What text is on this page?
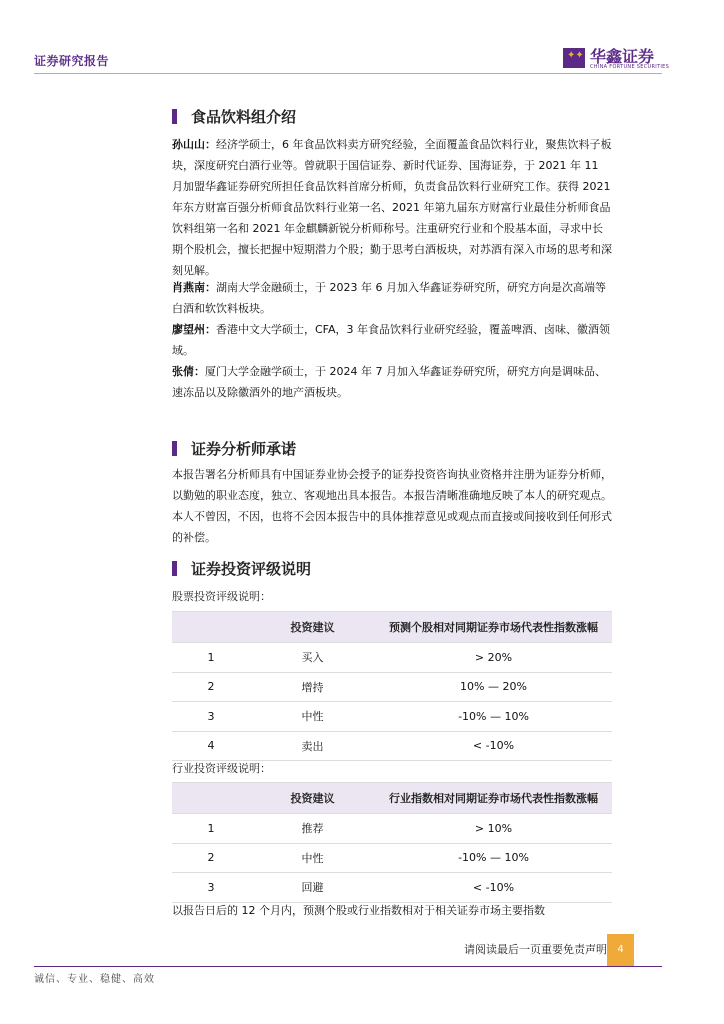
证券研究报告	✦✦ 华鑫证券
CHINA FORTUNE SECURITIES
食品饮料组介绍

孙山山：经济学硕士，6 年食品饮料卖方研究经验，全面覆盖食品饮料行业，聚焦饮料子板块，深度研究白酒行业等。曾就职于国信证券、新时代证券、国海证券，于 2021 年 11 月加盟华鑫证券研究所担任食品饮料首席分析师，负责食品饮料行业研究工作。获得 2021 年东方财富百强分析师食品饮料行业第一名、2021 年第九届东方财富行业最佳分析师食品饮料组第一名和 2021 年金麒麟新锐分析师称号。注重研究行业和个股基本面，寻求中长期个股机会，擅长把握中短期潜力个股；勤于思考白酒板块，对苏酒有深入市场的思考和深刻见解。

肖燕南：湖南大学金融硕士，于 2023 年 6 月加入华鑫证券研究所，研究方向是次高端等白酒和软饮料板块。

廖望州：香港中文大学硕士，CFA，3 年食品饮料行业研究经验，覆盖啤酒、卤味、徽酒领域。

张倩：厦门大学金融学硕士，于 2024 年 7 月加入华鑫证券研究所，研究方向是调味品、速冻品以及除徽酒外的地产酒板块。

证券分析师承诺

本报告署名分析师具有中国证券业协会授予的证券投资咨询执业资格并注册为证券分析师，以勤勉的职业态度，独立、客观地出具本报告。本报告清晰准确地反映了本人的研究观点。本人不曾因，不因，也将不会因本报告中的具体推荐意见或观点而直接或间接收到任何形式的补偿。

证券投资评级说明
股票投资评级说明：
	投资建议	预测个股相对同期证券市场代表性指数涨幅
1	买入	> 20%
2	增持	10% — 20%
3	中性	-10% — 10%
4	卖出	< -10%
行业投资评级说明：
	投资建议	行业指数相对同期证券市场代表性指数涨幅
1	推荐	> 10%
2	中性	-10% — 10%
3	回避	< -10%

以报告日后的 12 个月内，预测个股或行业指数相对于相关证券市场主要指数

请阅读最后一页重要免责声明	4
诚信、专业、稳健、高效
